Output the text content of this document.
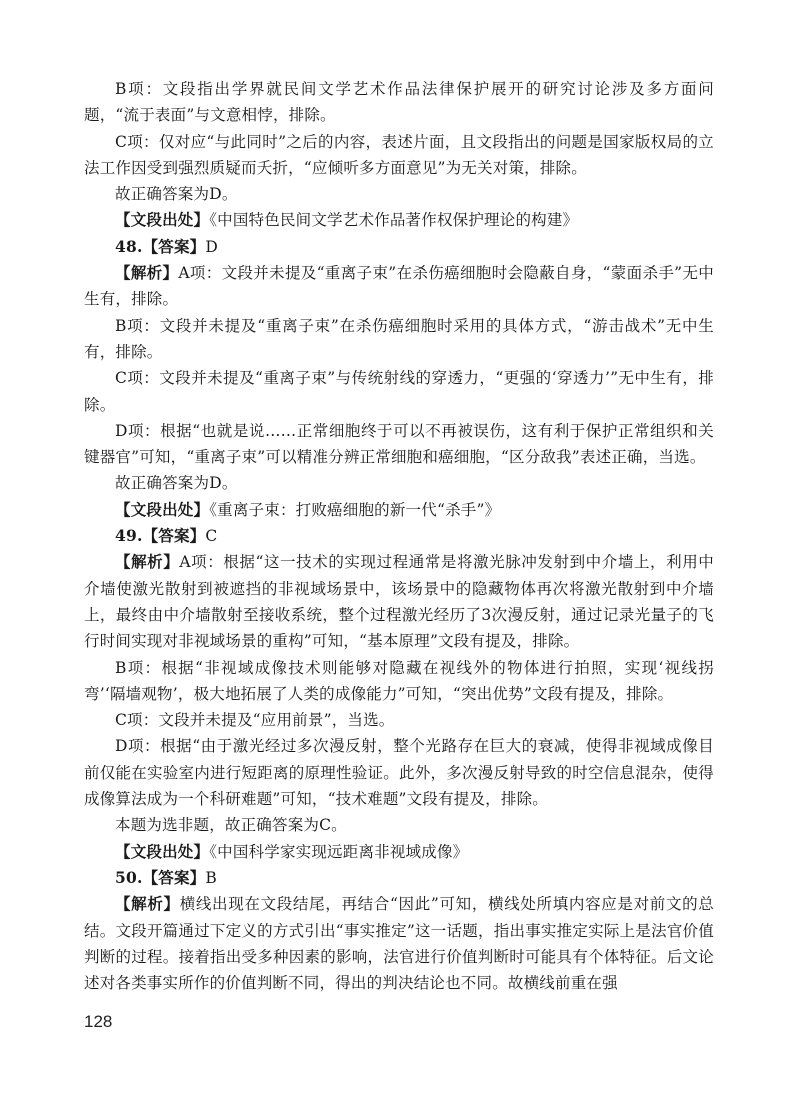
B项：文段指出学界就民间文学艺术作品法律保护展开的研究讨论涉及多方面问题，“流于表面”与文意相悖，排除。

C项：仅对应“与此同时”之后的内容，表述片面，且文段指出的问题是国家版权局的立法工作因受到强烈质疑而夭折，“应倾听多方面意见”为无关对策，排除。

故正确答案为D。

【文段出处】《中国特色民间文学艺术作品著作权保护理论的构建》

48.【答案】D

【解析】A项：文段并未提及“重离子束”在杀伤癌细胞时会隐蔽自身，“蒙面杀手”无中生有，排除。

B项：文段并未提及“重离子束”在杀伤癌细胞时采用的具体方式，“游击战术”无中生有，排除。

C项：文段并未提及“重离子束”与传统射线的穿透力，“更强的‘穿透力’”无中生有，排除。

D项：根据“也就是说……正常细胞终于可以不再被误伤，这有利于保护正常组织和关键器官”可知，“重离子束”可以精准分辨正常细胞和癌细胞，“区分敌我”表述正确，当选。

故正确答案为D。

【文段出处】《重离子束：打败癌细胞的新一代“杀手”》

49.【答案】C

【解析】A项：根据“这一技术的实现过程通常是将激光脉冲发射到中介墙上，利用中介墙使激光散射到被遮挡的非视域场景中，该场景中的隐藏物体再次将激光散射到中介墙上，最终由中介墙散射至接收系统，整个过程激光经历了3次漫反射，通过记录光量子的飞行时间实现对非视域场景的重构”可知，“基本原理”文段有提及，排除。

B项：根据“非视域成像技术则能够对隐藏在视线外的物体进行拍照，实现‘视线拐弯’‘隔墙观物’，极大地拓展了人类的成像能力”可知，“突出优势”文段有提及，排除。

C项：文段并未提及“应用前景”，当选。

D项：根据“由于激光经过多次漫反射，整个光路存在巨大的衰减，使得非视域成像目前仅能在实验室内进行短距离的原理性验证。此外，多次漫反射导致的时空信息混杂，使得成像算法成为一个科研难题”可知，“技术难题”文段有提及，排除。

本题为选非题，故正确答案为C。

【文段出处】《中国科学家实现远距离非视域成像》

50.【答案】B

【解析】横线出现在文段结尾，再结合“因此”可知，横线处所填内容应是对前文的总结。文段开篇通过下定义的方式引出“事实推定”这一话题，指出事实推定实际上是法官价值判断的过程。接着指出受多种因素的影响，法官进行价值判断时可能具有个体特征。后文论述对各类事实所作的价值判断不同，得出的判决结论也不同。故横线前重在强

128
